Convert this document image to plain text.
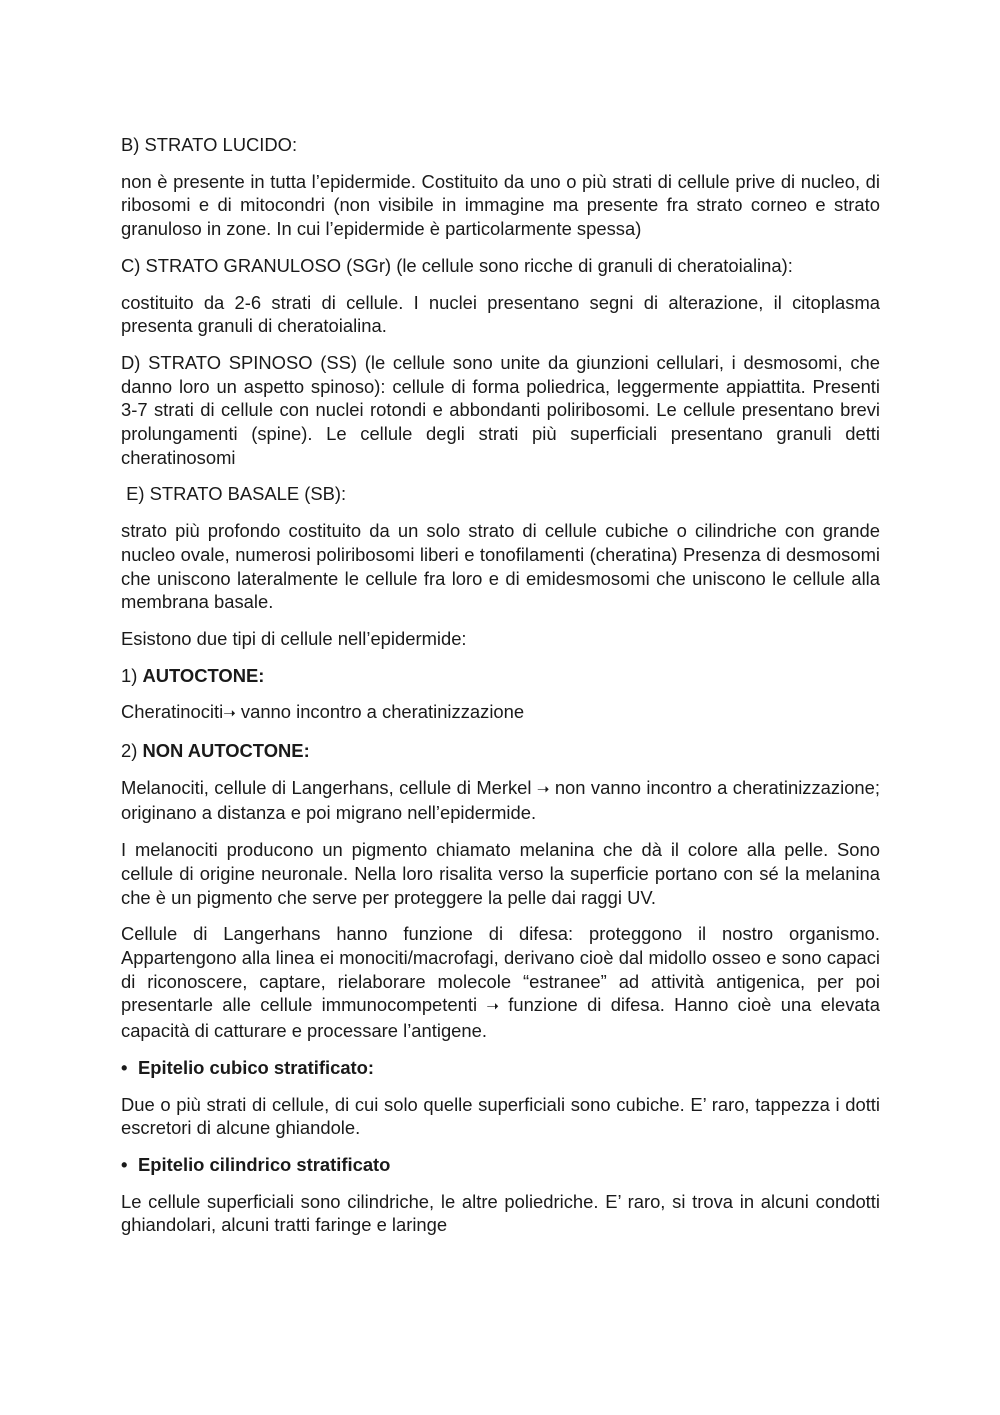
B) STRATO LUCIDO:

non è presente in tutta l’epidermide. Costituito da uno o più strati di cellule prive di nucleo, di ribosomi e di mitocondri (non visibile in immagine ma presente fra strato corneo e strato granuloso in zone. In cui l’epidermide è particolarmente spessa)

C) STRATO GRANULOSO (SGr) (le cellule sono ricche di granuli di cheratoialina):

costituito da 2-6 strati di cellule. I nuclei presentano segni di alterazione, il citoplasma presenta granuli di cheratoialina.

D) STRATO SPINOSO (SS) (le cellule sono unite da giunzioni cellulari, i desmosomi, che danno loro un aspetto spinoso): cellule di forma poliedrica, leggermente appiattita. Presenti 3-7 strati di cellule con nuclei rotondi e abbondanti poliribosomi. Le cellule presentano brevi prolungamenti (spine). Le cellule degli strati più superficiali presentano granuli detti cheratinosomi

E) STRATO BASALE (SB):

strato più profondo costituito da un solo strato di cellule cubiche o cilindriche con grande nucleo ovale, numerosi poliribosomi liberi e tonofilamenti (cheratina) Presenza di desmosomi che uniscono lateralmente le cellule fra loro e di emidesmosomi che uniscono le cellule alla membrana basale.

Esistono due tipi di cellule nell’epidermide:

1) AUTOCTONE:

Cheratinociti➝ vanno incontro a cheratinizzazione

2) NON AUTOCTONE:

Melanociti, cellule di Langerhans, cellule di Merkel ➝ non vanno incontro a cheratinizzazione; originano a distanza e poi migrano nell’epidermide.

I melanociti producono un pigmento chiamato melanina che dà il colore alla pelle. Sono cellule di origine neuronale. Nella loro risalita verso la superficie portano con sé la melanina che è un pigmento che serve per proteggere la pelle dai raggi UV.

Cellule di Langerhans hanno funzione di difesa: proteggono il nostro organismo. Appartengono alla linea ei monociti/macrofagi, derivano cioè dal midollo osseo e sono capaci di riconoscere, captare, rielaborare molecole “estranee” ad attività antigenica, per poi presentarle alle cellule immunocompetenti ➝ funzione di difesa. Hanno cioè una elevata capacità di catturare e processare l’antigene.

• Epitelio cubico stratificato:

Due o più strati di cellule, di cui solo quelle superficiali sono cubiche. E’ raro, tappezza i dotti escretori di alcune ghiandole.

• Epitelio cilindrico stratificato

Le cellule superficiali sono cilindriche, le altre poliedriche. E’ raro, si trova in alcuni condotti ghiandolari, alcuni tratti faringe e laringe
